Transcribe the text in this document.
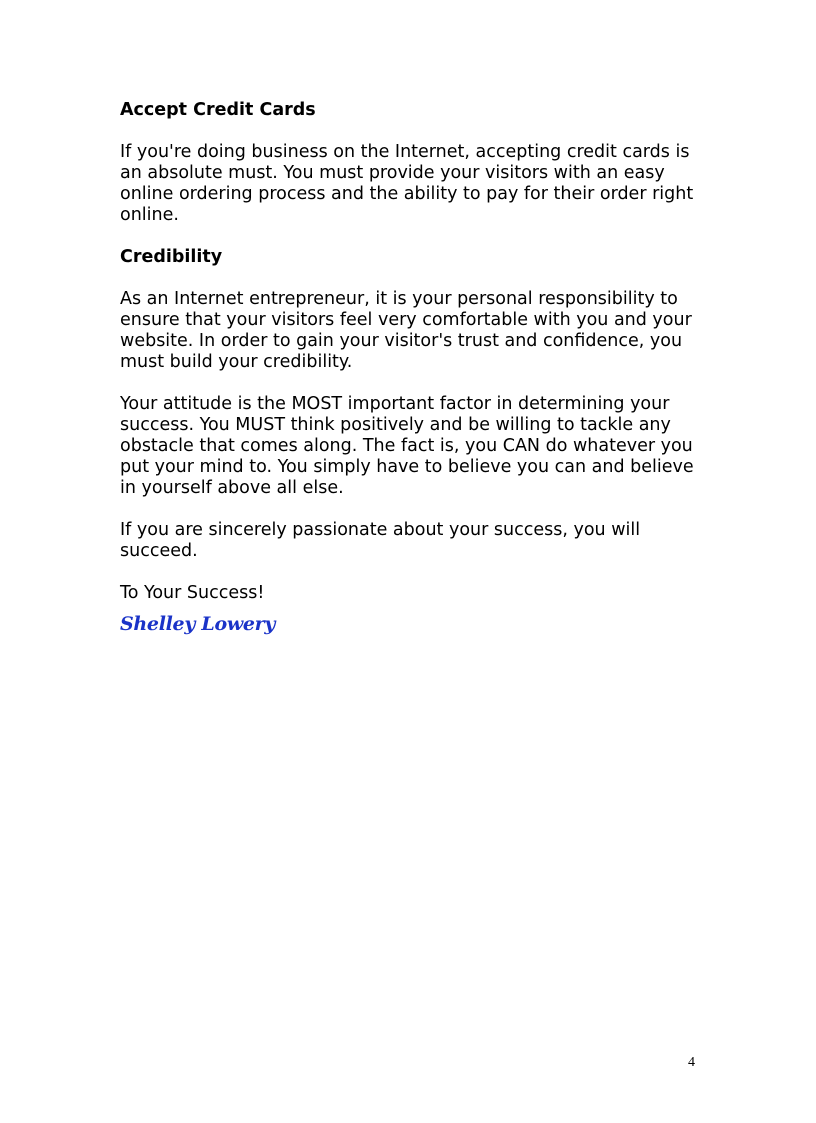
Accept Credit Cards

If you're doing business on the Internet, accepting credit cards is an absolute must. You must provide your visitors with an easy online ordering process and the ability to pay for their order right online.

Credibility

As an Internet entrepreneur, it is your personal responsibility to ensure that your visitors feel very comfortable with you and your website. In order to gain your visitor's trust and confidence, you must build your credibility.

Your attitude is the MOST important factor in determining your success. You MUST think positively and be willing to tackle any obstacle that comes along. The fact is, you CAN do whatever you put your mind to. You simply have to believe you can and believe in yourself above all else.

If you are sincerely passionate about your success, you will succeed.

To Your Success!

Shelley Lowery
4
